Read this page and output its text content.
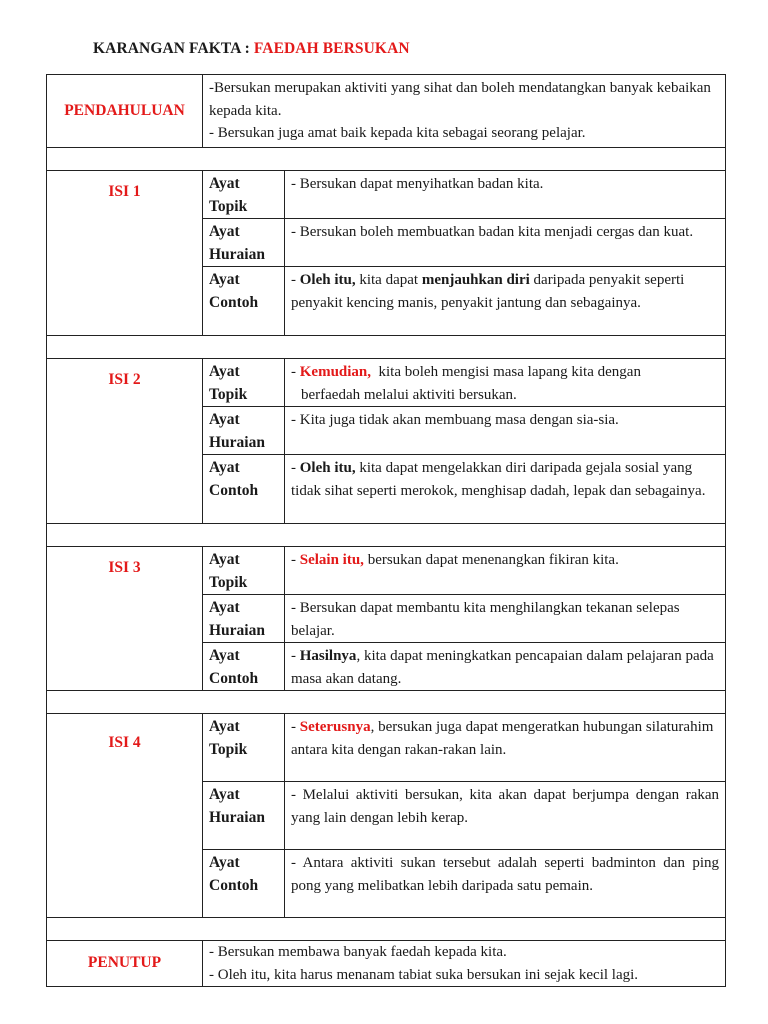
KARANGAN FAKTA : FAEDAH BERSUKAN
PENDAHULUAN	-Bersukan merupakan aktiviti yang sihat dan boleh mendatangkan banyak kebaikan kepada kita.
- Bersukan juga amat baik kepada kita sebagai seorang pelajar.	

ISI 1	Ayat Topik	- Bersukan dapat menyihatkan badan kita.
	Ayat Huraian	- Bersukan boleh membuatkan badan kita menjadi cergas dan kuat.
	Ayat Contoh	- Oleh itu, kita dapat menjauhkan diri daripada penyakit seperti penyakit kencing manis, penyakit jantung dan sebagainya.

ISI 2	Ayat Topik	- Kemudian,  kita boleh mengisi masa lapang kita dengan
berfaedah melalui aktiviti bersukan.
	Ayat Huraian	- Kita juga tidak akan membuang masa dengan sia-sia.
	Ayat Contoh	- Oleh itu, kita dapat mengelakkan diri daripada gejala sosial yang tidak sihat seperti merokok, menghisap dadah, lepak dan sebagainya.

ISI 3	Ayat Topik	- Selain itu, bersukan dapat menenangkan fikiran kita.
	Ayat Huraian	- Bersukan dapat membantu kita menghilangkan tekanan selepas belajar.
	Ayat Contoh	- Hasilnya, kita dapat meningkatkan pencapaian dalam pelajaran pada masa akan datang.

ISI 4	Ayat Topik	- Seterusnya, bersukan juga dapat mengeratkan hubungan silaturahim antara kita dengan rakan-rakan lain.
	Ayat Huraian	- Melalui aktiviti bersukan, kita akan dapat berjumpa dengan rakan yang lain dengan lebih kerap.
	Ayat Contoh	- Antara aktiviti sukan tersebut adalah seperti badminton dan ping pong yang melibatkan lebih daripada satu pemain.

PENUTUP	- Bersukan membawa banyak faedah kepada kita.
- Oleh itu, kita harus menanam tabiat suka bersukan ini sejak kecil lagi.	
